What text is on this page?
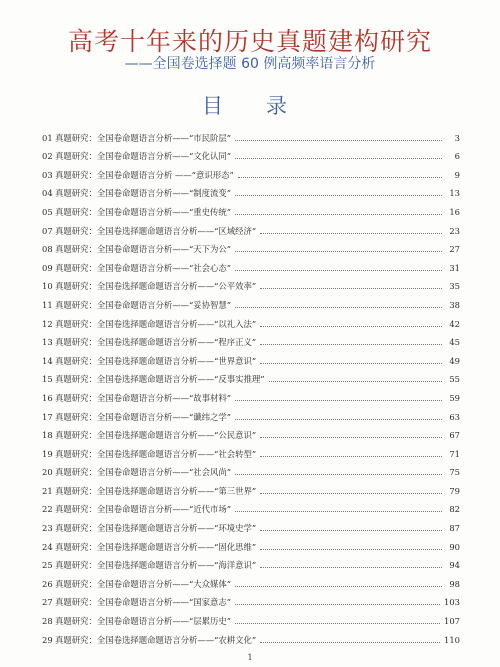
高考十年来的历史真题建构研究
——全国卷选择题 60 例高频率语言分析
目　录
01 真题研究：全国卷命题语言分析——“市民阶层”	3
02 真题研究：全国卷命题语言分析——“文化认同”	6
03 真题研究：全国卷命题语言分析 ——“意识形态”	9
04 真题研究：全国卷命题语言分析——“制度流变”	13
05 真题研究：全国卷命题语言分析——“重史传统”	16
07 真题研究：全国卷选择题命题语言分析——“区域经济”	23
08 真题研究：全国卷命题语言分析——“天下为公”	27
09 真题研究：全国卷命题语言分析——“社会心态”	31
10 真题研究：全国卷选择题命题语言分析——“公平效率”	35
11 真题研究：全国卷命题语言分析——“妥协智慧”	38
12 真题研究：全国卷选择题命题语言分析——“以礼入法”	42
13 真题研究：全国卷选择题命题语言分析——“程序正义”	45
14 真题研究：全国卷选择题命题语言分析——“世界意识”	49
15 真题研究：全国卷选择题命题语言分析——“反事实推理”	55
16 真题研究：全国卷命题语言分析——“故事材料”	59
17 真题研究：全国卷命题语言分析——“谶纬之学”	63
18 真题研究：全国卷选择题命题语言分析——“公民意识”	67
19 真题研究：全国卷选择题命题语言分析——“社会转型”	71
20 真题研究：全国卷命题语言分析——“社会风尚”	75
21 真题研究：全国卷选择题命题语言分析——“第三世界”	79
22 真题研究：全国卷命题语言分析——“近代市场”	82
23 真题研究：全国卷选择题命题语言分析——“环境史学”	87
24 真题研究：全国卷选择题命题语言分析——“固化思维”	90
25 真题研究：全国卷选择题命题语言分析——“海洋意识”	94
26 真题研究：全国卷命题语言分析——“大众媒体”	98
27 真题研究：全国卷命题语言分析——“国家意志”	103
28 真题研究：全国卷命题语言分析——“层累历史”	107
29 真题研究：全国卷选择题命题语言分析——“农耕文化”	110
1
